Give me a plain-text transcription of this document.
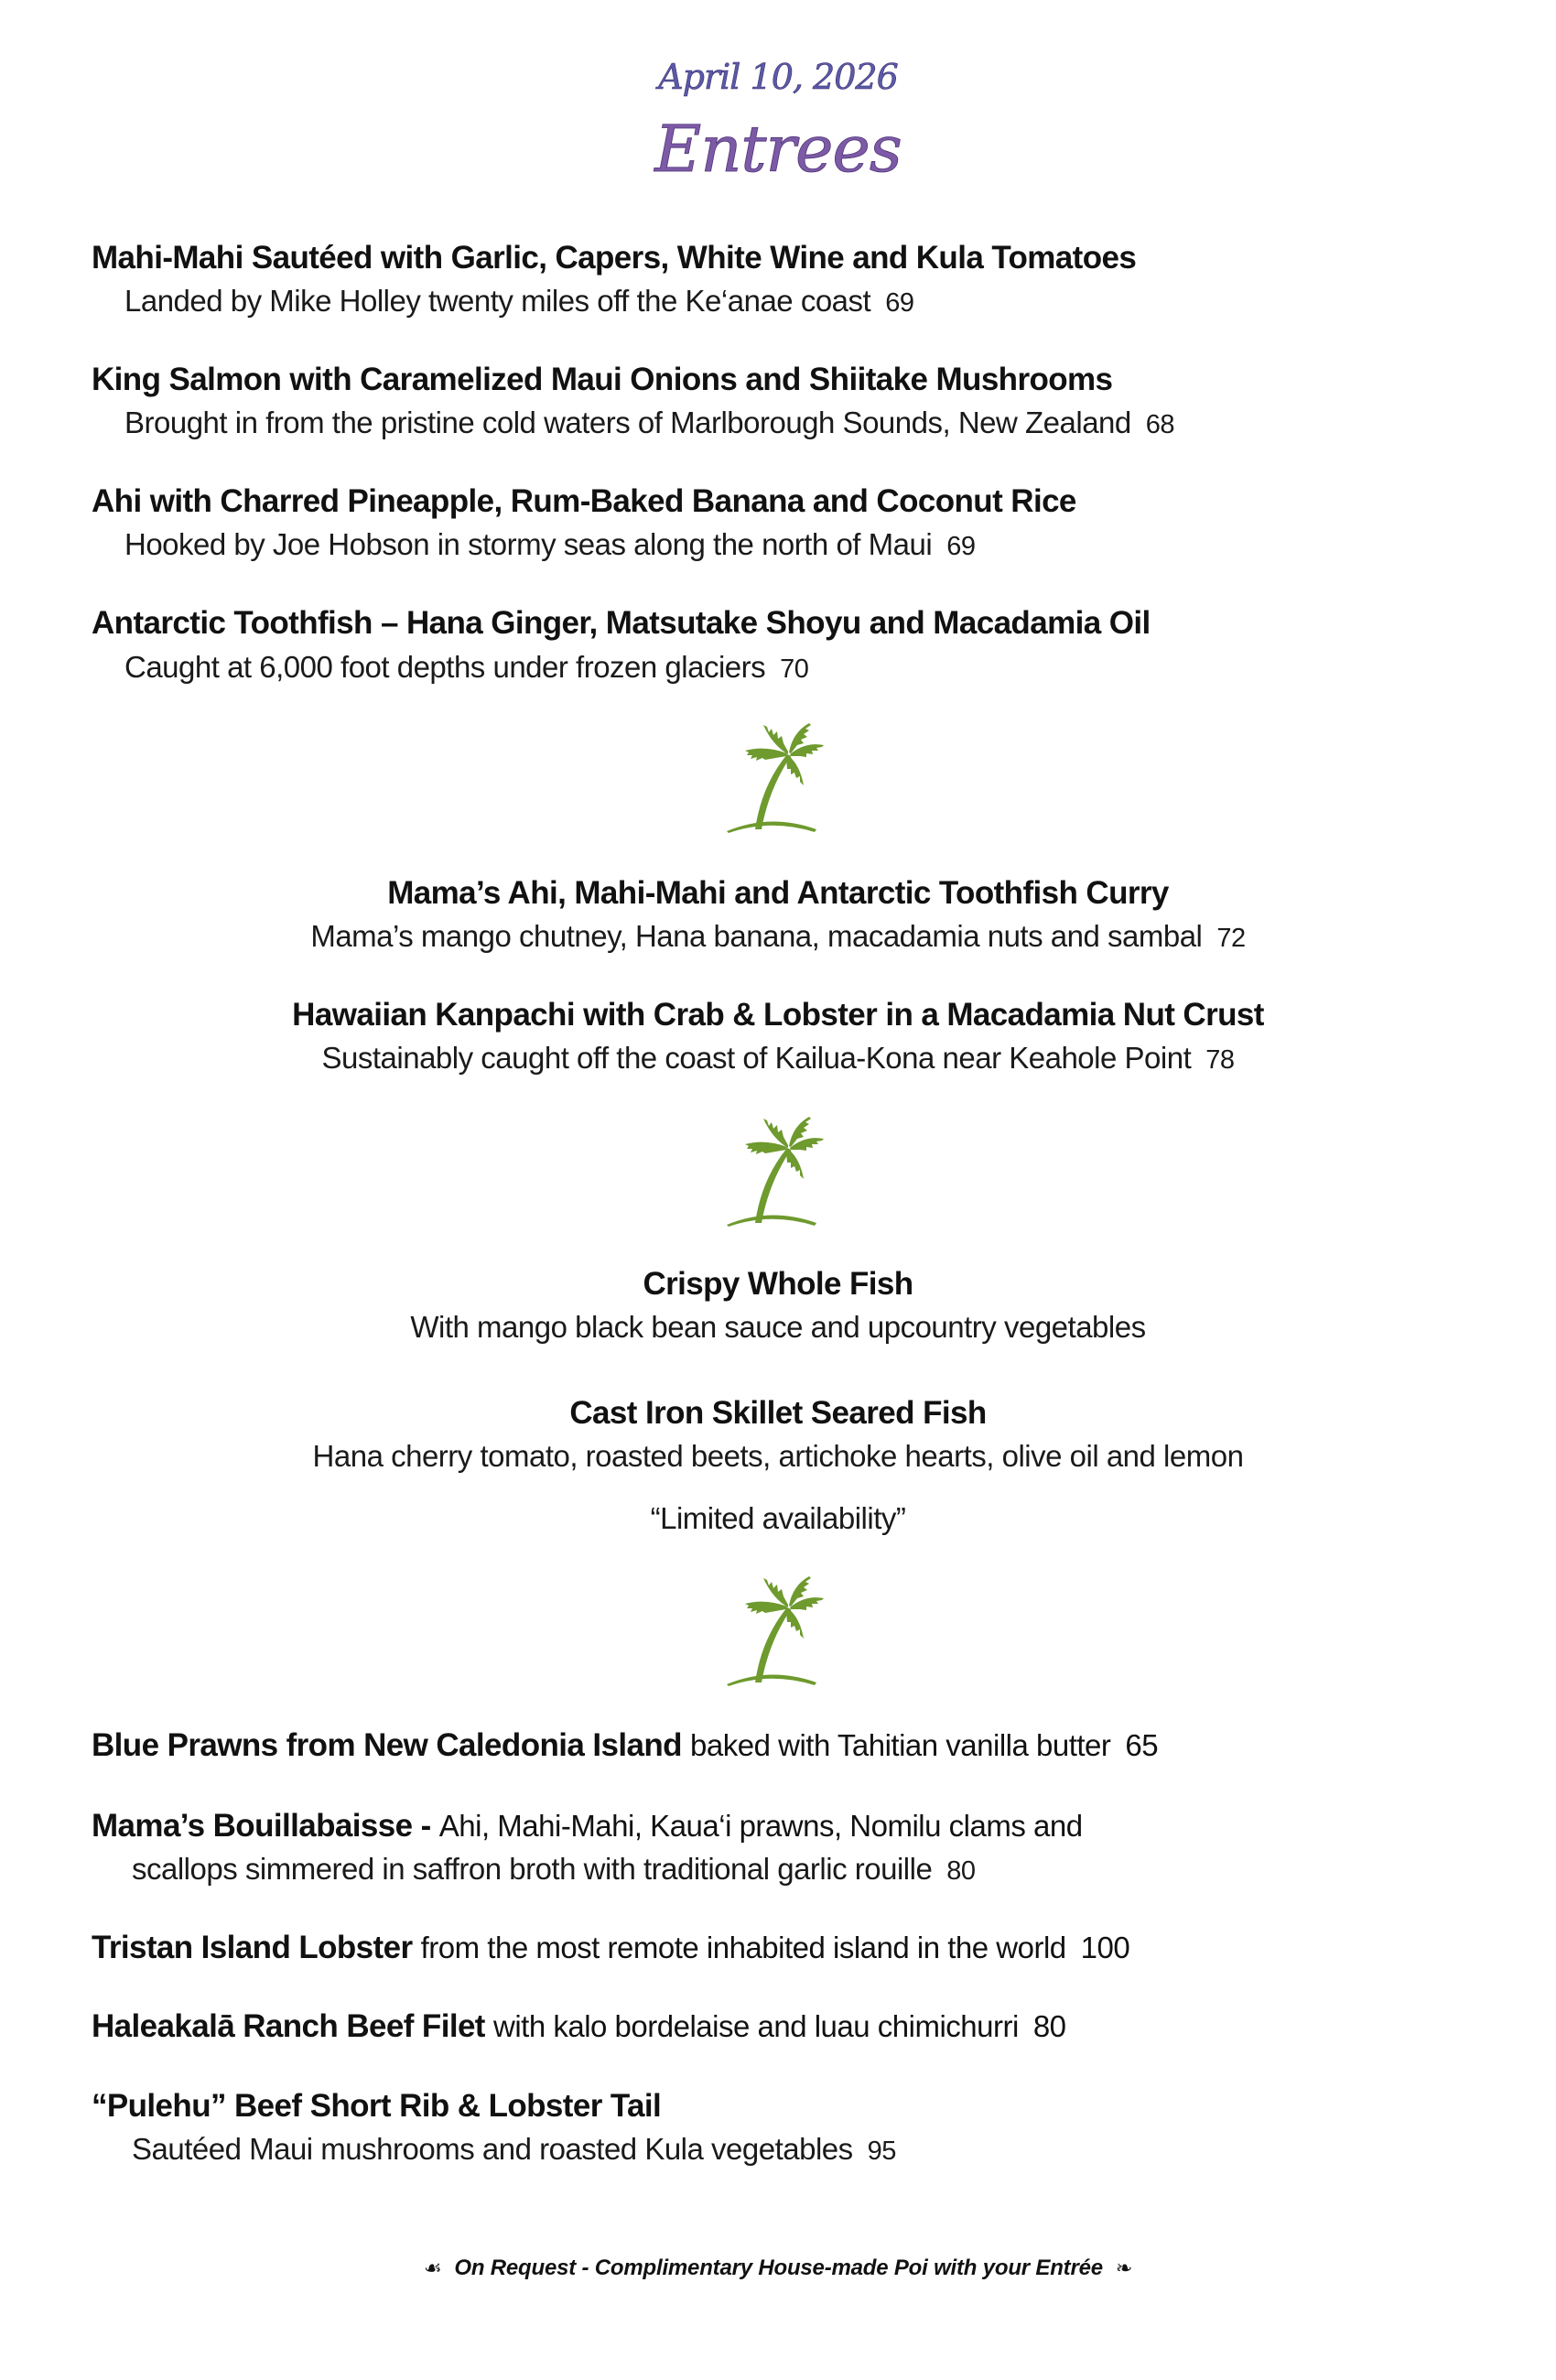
April 10, 2026
Entrees
Mahi-Mahi Sautéed with Garlic, Capers, White Wine and Kula Tomatoes
Landed by Mike Holley twenty miles off the Ke‘anae coast 69
King Salmon with Caramelized Maui Onions and Shiitake Mushrooms
Brought in from the pristine cold waters of Marlborough Sounds, New Zealand 68
Ahi with Charred Pineapple, Rum-Baked Banana and Coconut Rice
Hooked by Joe Hobson in stormy seas along the north of Maui 69
Antarctic Toothfish – Hana Ginger, Matsutake Shoyu and Macadamia Oil
Caught at 6,000 foot depths under frozen glaciers 70
Mama’s Ahi, Mahi-Mahi and Antarctic Toothfish Curry
Mama’s mango chutney, Hana banana, macadamia nuts and sambal 72
Hawaiian Kanpachi with Crab & Lobster in a Macadamia Nut Crust
Sustainably caught off the coast of Kailua-Kona near Keahole Point 78
Crispy Whole Fish
With mango black bean sauce and upcountry vegetables
Cast Iron Skillet Seared Fish
Hana cherry tomato, roasted beets, artichoke hearts, olive oil and lemon
“Limited availability”
Blue Prawns from New Caledonia Island baked with Tahitian vanilla butter 65
Mama’s Bouillabaisse - Ahi, Mahi-Mahi, Kaua‘i prawns, Nomilu clams and
scallops simmered in saffron broth with traditional garlic rouille 80
Tristan Island Lobster from the most remote inhabited island in the world 100
Haleakalā Ranch Beef Filet with kalo bordelaise and luau chimichurri 80
“Pulehu” Beef Short Rib & Lobster Tail
Sautéed Maui mushrooms and roasted Kula vegetables 95
☙ On Request - Complimentary House-made Poi with your Entrée ❧
